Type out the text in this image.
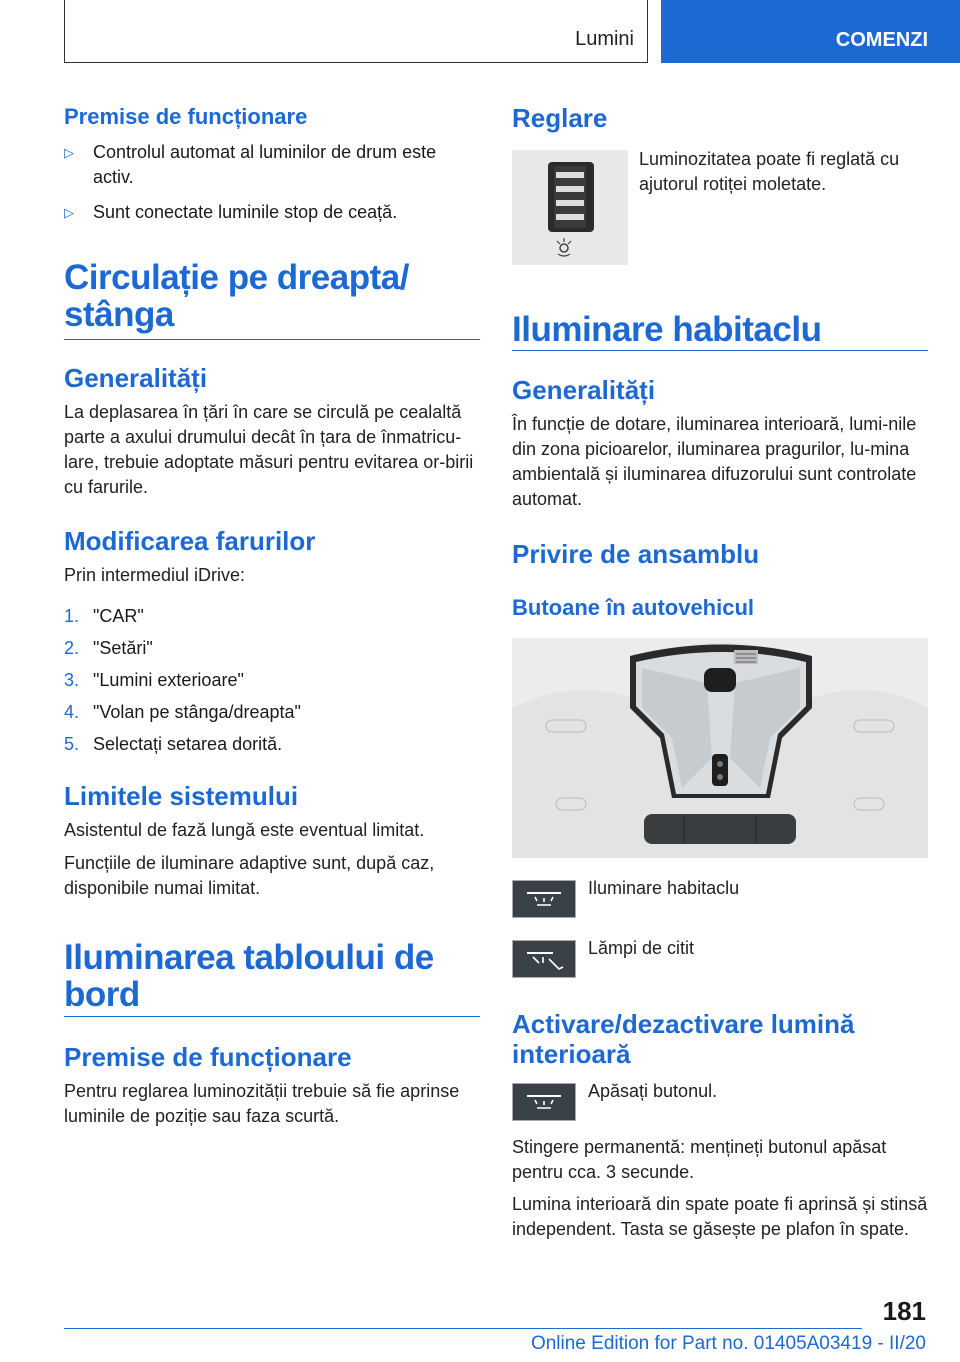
Lumini	COMENZI
Premise de funcționare
▷ Controlul automat al luminilor de drum este activ.
▷ Sunt conectate luminile stop de ceață.
Circulație pe dreapta/ stânga
Generalități

La deplasarea în țări în care se circulă pe cealaltă parte a axului drumului decât în țara de înmatricu‐lare, trebuie adoptate măsuri pentru evitarea or‐birii cu farurile.

Modificarea farurilor

Prin intermediul iDrive:

1. "CAR"
2. "Setări"
3. "Lumini exterioare"
4. "Volan pe stânga/dreapta"
5. Selectați setarea dorită.
Limitele sistemului

Asistentul de fază lungă este eventual limitat.

Funcțiile de iluminare adaptive sunt, după caz, disponibile numai limitat.

Iluminarea tabloului de bord
Premise de funcționare

Pentru reglarea luminozității trebuie să fie aprinse luminile de poziție sau faza scurtă.

Reglare

Luminozitatea poate fi reglată cu ajutorul rotiței moletate.

Iluminare habitaclu
Generalități

În funcție de dotare, iluminarea interioară, lumi‐nile din zona picioarelor, iluminarea pragurilor, lu‐mina ambientală și iluminarea difuzorului sunt controlate automat.

Privire de ansamblu
Butoane în autovehicul

Iluminare habitaclu

Lămpi de citit

Activare/dezactivare lumină interioară

Apăsați butonul.

Stingere permanentă: mențineți butonul apăsat pentru cca. 3 secunde.

Lumina interioară din spate poate fi aprinsă și stinsă independent. Tasta se găsește pe plafon în spate.

181
Online Edition for Part no. 01405A03419 - II/20
